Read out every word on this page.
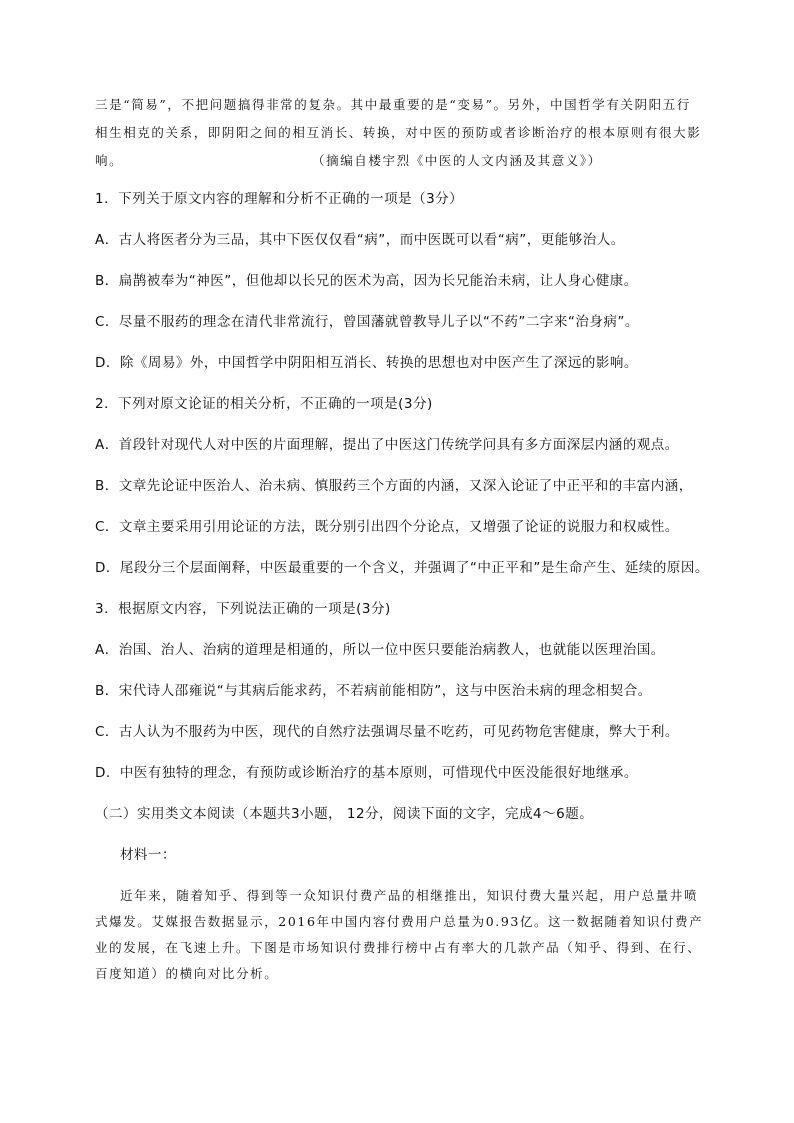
三是“简易”，不把问题搞得非常的复杂。其中最重要的是“变易”。另外，中国哲学有关阴阳五行
相生相克的关系，即阴阳之间的相互消长、转换，对中医的预防或者诊断治疗的根本原则有很大影
响。	（摘编自楼宇烈《中医的人文内涵及其意义》）
1．下列关于原文内容的理解和分析不正确的一项是（3分）
A．古人将医者分为三品，其中下医仅仅看“病”，而中医既可以看“病”，更能够治人。
B．扁鹊被奉为“神医”，但他却以长兄的医术为高，因为长兄能治未病，让人身心健康。
C．尽量不服药的理念在清代非常流行，曾国藩就曾教导儿子以“不药”二字来“治身病”。
D．除《周易》外，中国哲学中阴阳相互消长、转换的思想也对中医产生了深远的影响。
2．下列对原文论证的相关分析，不正确的一项是(3分)
A．首段针对现代人对中医的片面理解，提出了中医这门传统学问具有多方面深层内涵的观点。
B．文章先论证中医治人、治未病、慎服药三个方面的内涵，又深入论证了中正平和的丰富内涵，
C．文章主要采用引用论证的方法，既分别引出四个分论点，又增强了论证的说服力和权威性。
D．尾段分三个层面阐释，中医最重要的一个含义，并强调了“中正平和”是生命产生、延续的原因。
3．根据原文内容，下列说法正确的一项是(3分)
A．治国、治人、治病的道理是相通的，所以一位中医只要能治病教人，也就能以医理治国。
B．宋代诗人邵雍说“与其病后能求药，不若病前能相防”，这与中医治未病的理念相契合。
C．古人认为不服药为中医，现代的自然疗法强调尽量不吃药，可见药物危害健康，弊大于利。
D．中医有独特的理念，有预防或诊断治疗的基本原则，可惜现代中医没能很好地继承。
（二）实用类文本阅读（本题共3小题， 12分，阅读下面的文字，完成4～6题。
材料一：
近年来，随着知乎、得到等一众知识付费产品的相继推出，知识付费大量兴起，用户总量井喷
式爆发。艾媒报告数据显示，2016年中国内容付费用户总量为0.93亿。这一数据随着知识付费产
业的发展，在飞速上升。下图是市场知识付费排行榜中占有率大的几款产品（知乎、得到、在行、
百度知道）的横向对比分析。
